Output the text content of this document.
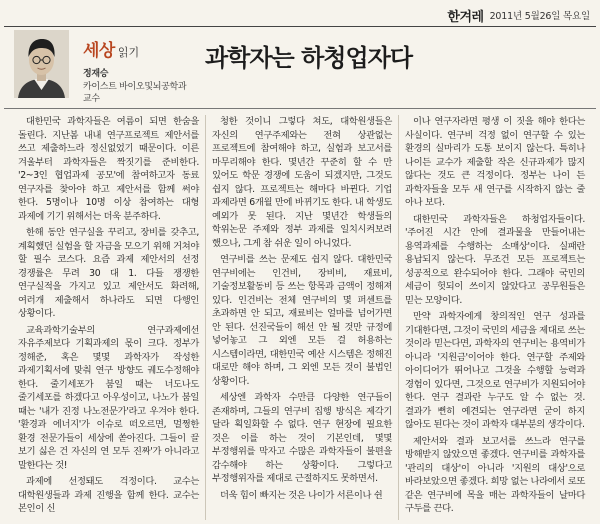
한겨레 2011년 5월26일 목요일
세상 읽기
정재승
카이스트 바이오및뇌공학과
교수
과학자는 하청업자다

대한민국 과학자들은 여름이 되면 한숨을 돌린다. 지난봄 내내 연구프로젝트 제안서를 쓰고 제출하느라 정신없었기 때문이다. 이른 겨울부터 과학자들은 짝짓기를 준비한다. '2~3인 협업과제 공모'에 참여하고자 동료 연구자를 찾아야 하고 제안서를 함께 써야 한다. 5명이나 10명 이상 참여하는 대형 과제에 기기 위해서는 더욱 분주하다.

한해 동안 연구실을 꾸리고, 장비를 갖추고, 계획했던 실험을 할 자금을 모으기 위해 거쳐야 할 필수 코스다. 요즘 과제 제안서의 선정 경쟁률은 무려 30 대 1. 다들 쟁쟁한 연구실적을 가지고 있고 제안서도 화려해, 여러개 제출해서 하나라도 되면 다행인 상황이다.

교육과학기술부의 연구과제에선 자유주제보다 기획과제의 몫이 크다. 정부가 정해준, 혹은 몇몇 과학자가 작성한 과제기획서에 맞춰 연구 방향도 궤도수정해야 한다. 줄기세포가 붐일 때는 너도나도 줄기세포를 하겠다고 아우성이고, 나노가 붐일 때는 '내가 진정 나노전문가'라고 우겨야 한다. '환경과 에너지'가 이슈로 떠오르면, 멀쩡한 환경 전문가들이 세상에 쏟아진다. 그들이 끌 보기 싫은 건 자신의 연 모두 진짜'가 아니라고 말한다는 것!

과제에 선정돼도 걱정이다. 교수는 대학원생들과 과제 진행을 함께 한다. 교수는 본인이 신

청한 것이니 그렇다 쳐도, 대학원생들은 자신의 연구주제와는 전혀 상관없는 프로젝트에 참여해야 하고, 실험과 보고서를 마무리해야 한다. 몇년간 꾸준히 할 수 만 있어도 학문 경쟁에 도움이 되겠지만, 그것도 쉽지 않다. 프로젝트는 해마다 바뀐다. 기업 과제라면 6개월 만에 바뀌기도 한다. 내 학생도 예외가 못 된다. 지난 몇년간 학생들의 학위논문 주제와 정부 과제를 일치시켜보려 했으나, 그게 참 쉬운 일이 아니었다.

연구비를 쓰는 문제도 쉽지 않다. 대한민국 연구비에는 인건비, 장비비, 재료비, 기술정보활동비 등 쓰는 항목과 금액이 정해져 있다. 인건비는 전체 연구비의 몇 퍼센트를 초과하면 안 되고, 재료비는 얼마를 넘어가면 안 된다. 선진국들이 해선 안 될 것만 규정에 넣어놓고 그 외엔 모든 걸 허용하는 시스템이라면, 대한민국 예산 시스템은 정해진 대로만 해야 하며, 그 외엔 모든 것이 불법인 상황이다.

세상엔 과학자 수만큼 다양한 연구들이 존재하며, 그들의 연구비 집행 방식은 제각기 달라 획일화할 수 없다. 연구 현장에 필요한 것은 이를 하는 것이 기본인데, 몇몇 부정행위를 막자고 수많은 과학자들이 불편을 감수해야 하는 상황이다. 그렇다고 부정행위자를 제대로 근절하지도 못하면서.

더욱 힘이 빠지는 것은 나이가 서른이나 쉰

이나 연구자라면 평생 이 짓을 해야 한다는 사실이다. 연구비 걱정 없이 연구할 수 있는 환경의 실마리가 도통 보이지 않는다. 특히나 나이든 교수가 제출할 작은 신규과제가 많지 않다는 것도 큰 걱정이다. 정부는 나이 든 과학자들을 모두 새 연구를 시작하지 않는 줄 아나 보다.

대한민국 과학자들은 하청업자들이다. '주어진 시간 안에 결과물을 만들어내는 용역과제를 수행하는 소매상'이다. 실패란 용납되지 않는다. 무조건 모든 프로젝트는 성공적으로 완수되어야 한다. 그래야 국민의 세금이 헛되이 쓰이지 않았다고 공무원들은 믿는 모양이다.

만약 과학자에게 창의적인 연구 성과를 기대한다면, 그것이 국민의 세금을 제대로 쓰는 것이라 믿는다면, 과학자의 연구비는 용역비가 아니라 '지원금'이어야 한다. 연구할 주제와 아이디어가 뛰어나고 그것을 수행할 능력과 경험이 있다면, 그것으로 연구비가 지원되어야 한다. 연구 결과란 누구도 알 수 없는 것. 결과가 뻔히 예견되는 연구라면 굳이 하지 않아도 된다는 것이 과학자 대부분의 생각이다.

제안서와 결과 보고서를 쓰느라 연구를 방해받지 않았으면 좋겠다. 연구비를 과학자를 '관리의 대상'이 아니라 '지원의 대상'으로 바라보았으면 좋겠다. 희망 없는 나라에서 로또 같은 연구비에 목을 매는 과학자들이 날마다 구두를 끈다.
